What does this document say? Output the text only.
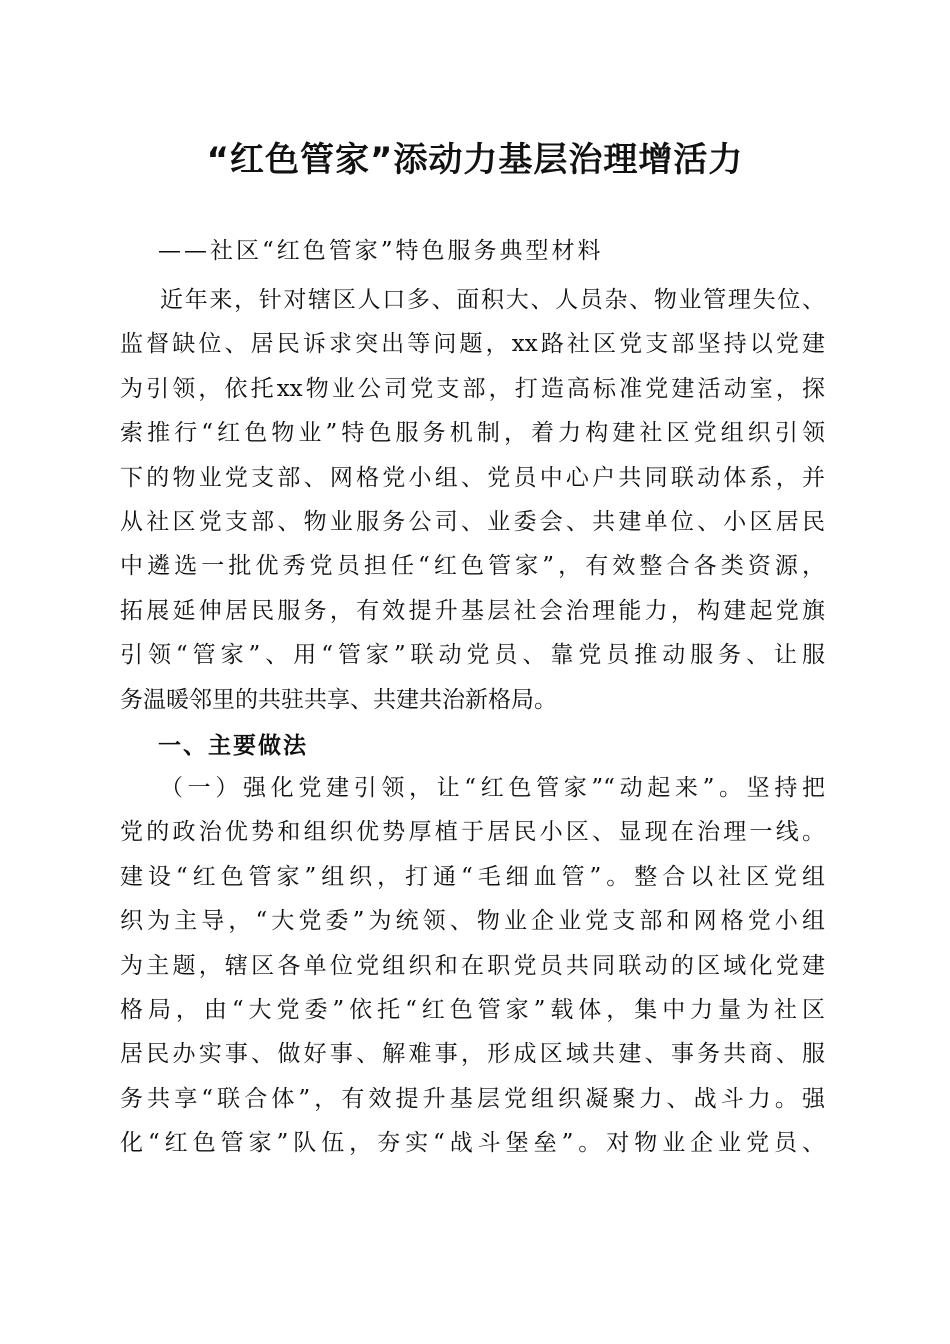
“红色管家”添动力基层治理增活力

——社区“红色管家”特色服务典型材料

近年来，针对辖区人口多、面积大、人员杂、物业管理失位、
监督缺位、居民诉求突出等问题，xx路社区党支部坚持以党建
为引领，依托xx物业公司党支部，打造高标准党建活动室，探
索推行“红色物业”特色服务机制，着力构建社区党组织引领
下的物业党支部、网格党小组、党员中心户共同联动体系，并
从社区党支部、物业服务公司、业委会、共建单位、小区居民
中遴选一批优秀党员担任“红色管家”，有效整合各类资源，
拓展延伸居民服务，有效提升基层社会治理能力，构建起党旗
引领“管家”、用“管家”联动党员、靠党员推动服务、让服
务温暖邻里的共驻共享、共建共治新格局。
一、主要做法
（一）强化党建引领，让“红色管家”“动起来”。坚持把
党的政治优势和组织优势厚植于居民小区、显现在治理一线。
建设“红色管家”组织，打通“毛细血管”。整合以社区党组
织为主导，“大党委”为统领、物业企业党支部和网格党小组
为主题，辖区各单位党组织和在职党员共同联动的区域化党建
格局，由“大党委”依托“红色管家”载体，集中力量为社区
居民办实事、做好事、解难事，形成区域共建、事务共商、服
务共享“联合体”，有效提升基层党组织凝聚力、战斗力。强
化“红色管家”队伍，夯实“战斗堡垒”。对物业企业党员、
